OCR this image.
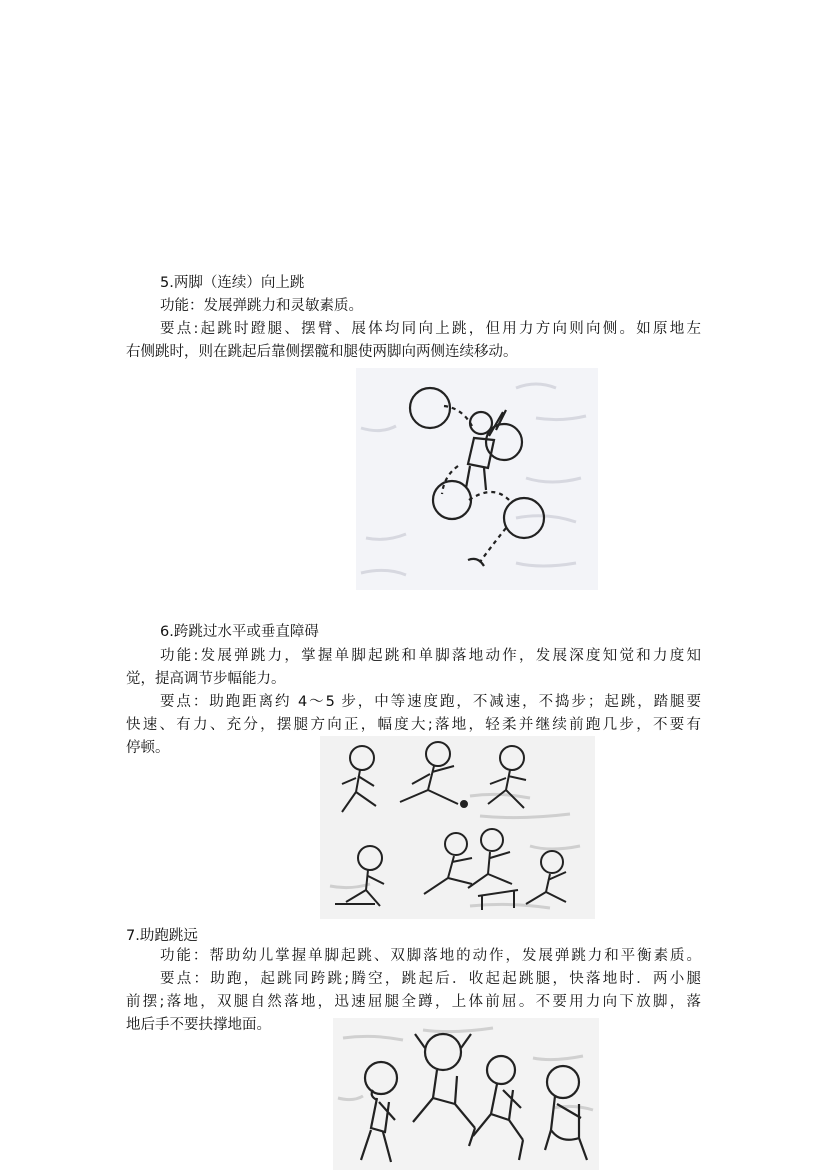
5.两脚（连续）向上跳
功能：发展弹跳力和灵敏素质。
要点:起跳时蹬腿、摆臂、展体均同向上跳，但用力方向则向侧。如原地左
右侧跳时，则在跳起后靠侧摆髋和腿使两脚向两侧连续移动。
6.跨跳过水平或垂直障碍
功能:发展弹跳力，掌握单脚起跳和单脚落地动作，发展深度知觉和力度知
觉，提高调节步幅能力。
要点：助跑距离约 4～5 步，中等速度跑，不减速，不捣步；起跳，踏腿要
快速、有力、充分，摆腿方向正，幅度大;落地，轻柔并继续前跑几步，不要有
停顿。
7.助跑跳远
功能：帮助幼儿掌握单脚起跳、双脚落地的动作，发展弹跳力和平衡素质。
要点：助跑，起跳同跨跳;腾空，跳起后．收起起跳腿，快落地时．两小腿
前摆;落地，双腿自然落地，迅速屈腿全蹲，上体前屈。不要用力向下放脚，落
地后手不要扶撑地面。
